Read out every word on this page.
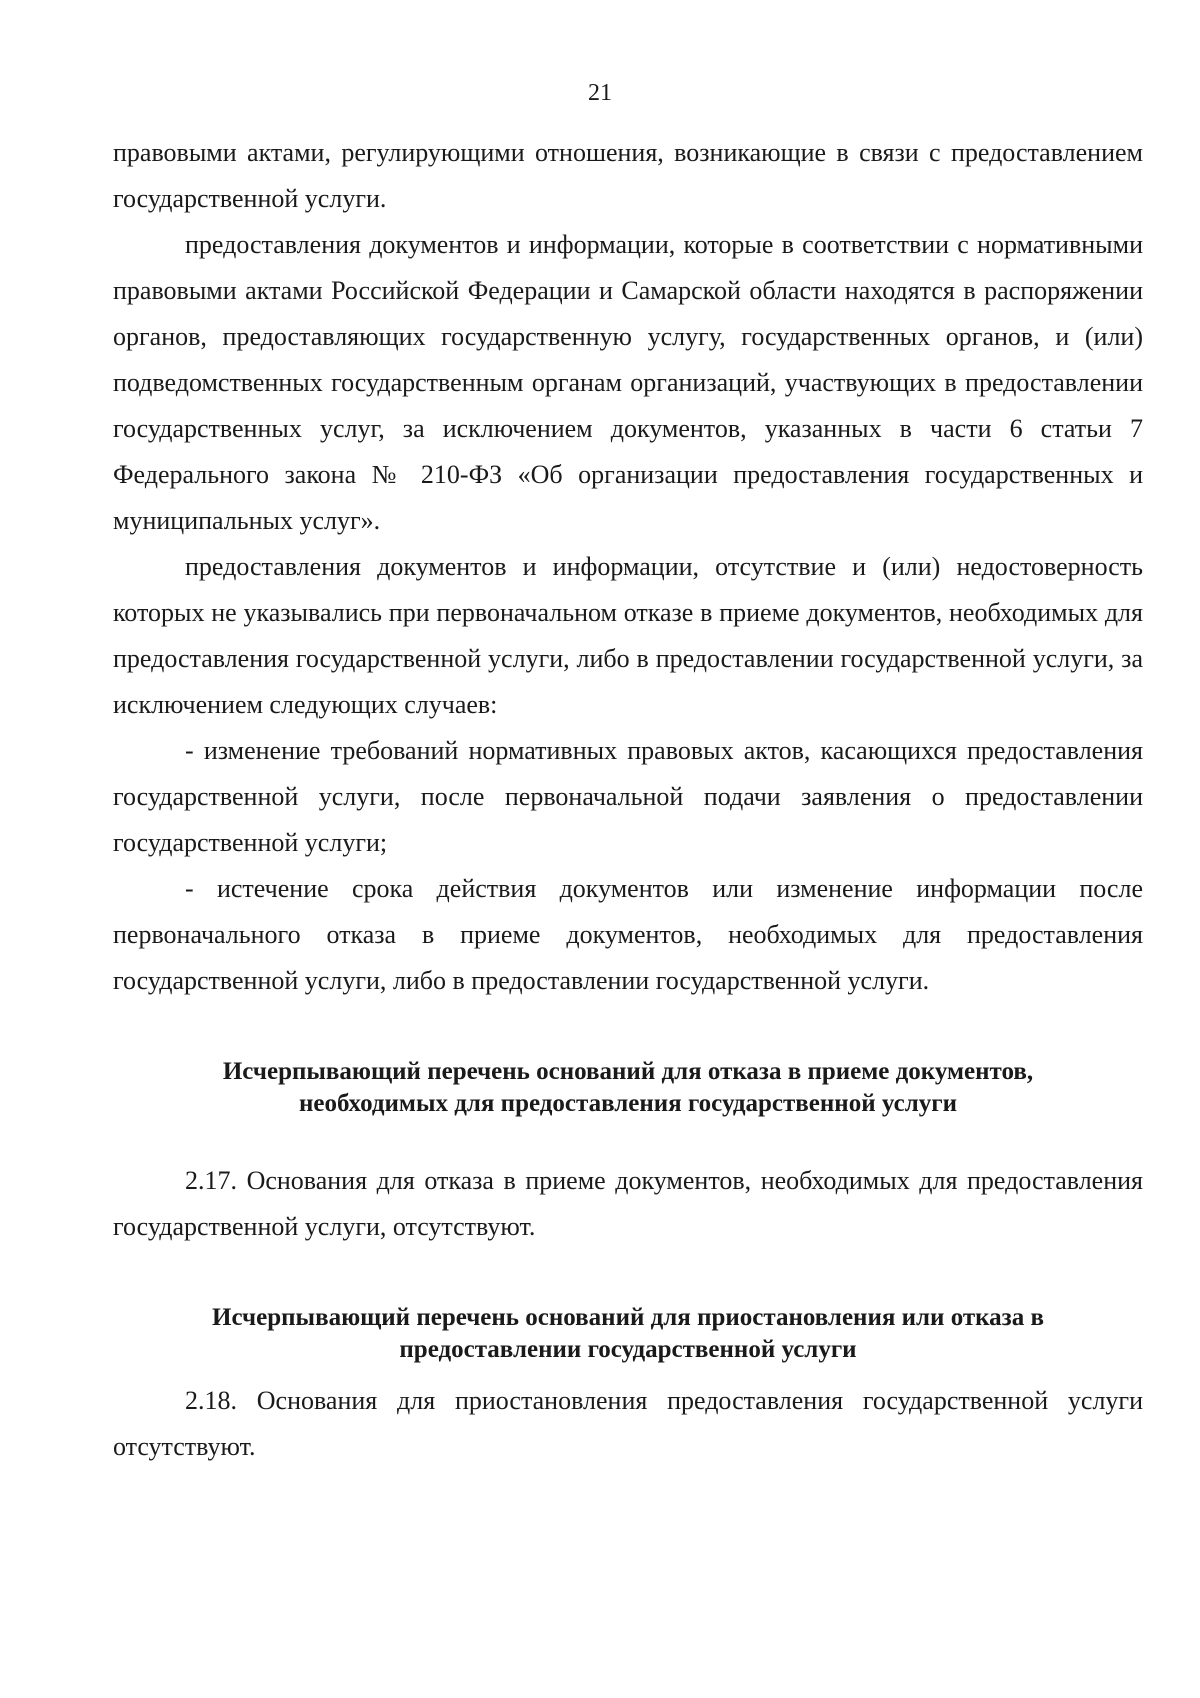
21

правовыми актами, регулирующими отношения, возникающие в связи с предоставлением государственной услуги.

предоставления документов и информации, которые в соответствии с нормативными правовыми актами Российской Федерации и Самарской области находятся в распоряжении органов, предоставляющих государственную услугу, государственных органов, и (или) подведомственных государственным органам организаций, участвующих в предоставлении государственных услуг, за исключением документов, указанных в части 6 статьи 7 Федерального закона № 210-ФЗ «Об организации предоставления государственных и муниципальных услуг».

предоставления документов и информации, отсутствие и (или) недостоверность которых не указывались при первоначальном отказе в приеме документов, необходимых для предоставления государственной услуги, либо в предоставлении государственной услуги, за исключением следующих случаев:

- изменение требований нормативных правовых актов, касающихся предоставления государственной услуги, после первоначальной подачи заявления о предоставлении государственной услуги;

- истечение срока действия документов или изменение информации после первоначального отказа в приеме документов, необходимых для предоставления государственной услуги, либо в предоставлении государственной услуги.

Исчерпывающий перечень оснований для отказа в приеме документов,

необходимых для предоставления государственной услуги

2.17. Основания для отказа в приеме документов, необходимых для предоставления государственной услуги, отсутствуют.

Исчерпывающий перечень оснований для приостановления или отказа в

предоставлении государственной услуги

2.18. Основания для приостановления предоставления государственной услуги отсутствуют.
